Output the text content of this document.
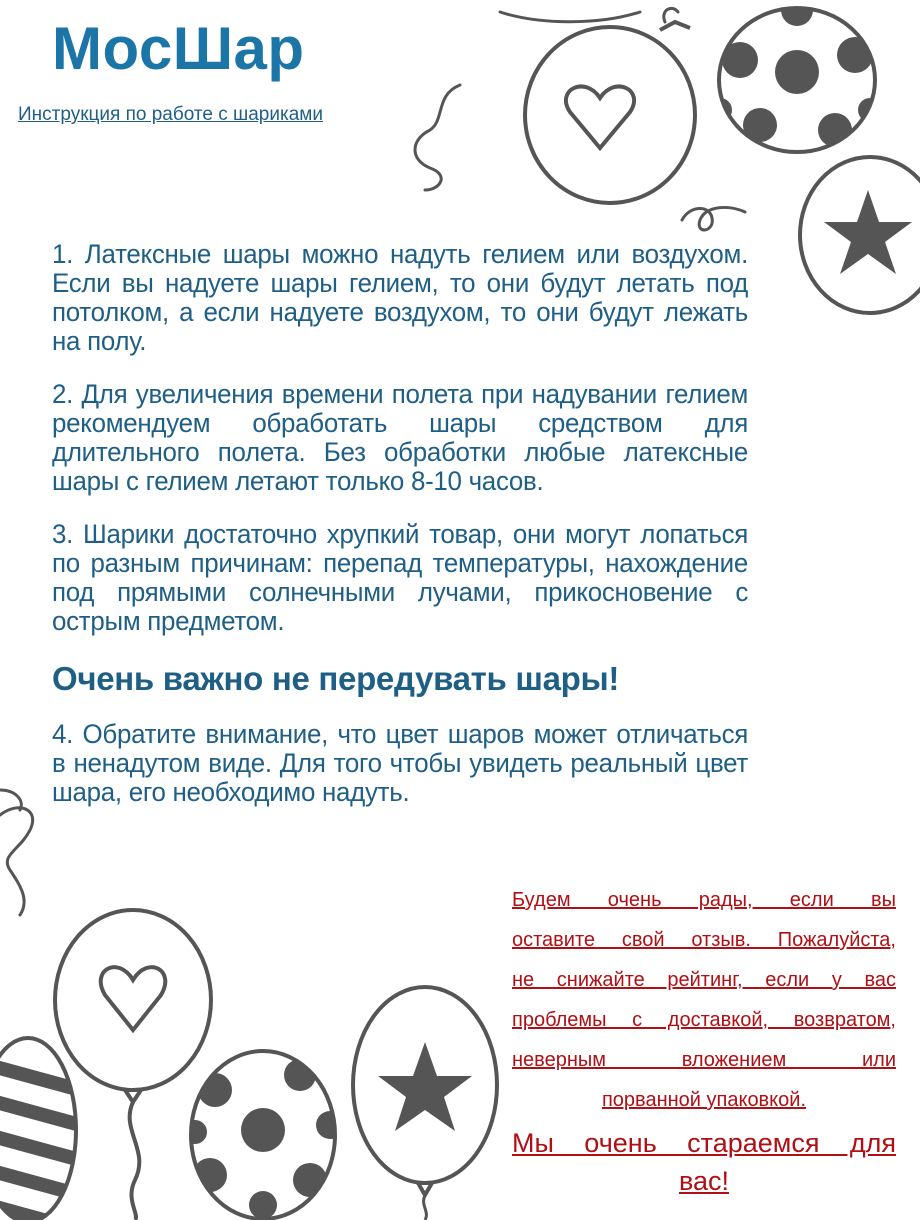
МосШар
Инструкция по работе с шариками

1. Латексные шары можно надуть гелием или воздухом. Если вы надуете шары гелием, то они будут летать под потолком, а если надуете воздухом, то они будут лежать на полу.

2. Для увеличения времени полета при надувании гелием рекомендуем обработать шары средством для длительного полета. Без обработки любые латексные шары с гелием летают только 8-10 часов.

3. Шарики достаточно хрупкий товар, они могут лопаться по разным причинам: перепад температуры, нахождение под прямыми солнечными лучами, прикосновение с острым предметом.

Очень важно не передувать шары!

4. Обратите внимание, что цвет шаров может отличаться в ненадутом виде. Для того чтобы увидеть реальный цвет шара, его необходимо надуть.

Будем очень рады, если вы
оставите свой отзыв. Пожалуйста,
не снижайте рейтинг, если у вас
проблемы с доставкой, возвратом,
неверным вложением или
порванной упаковкой.
Мы очень стараемся для
вас!
